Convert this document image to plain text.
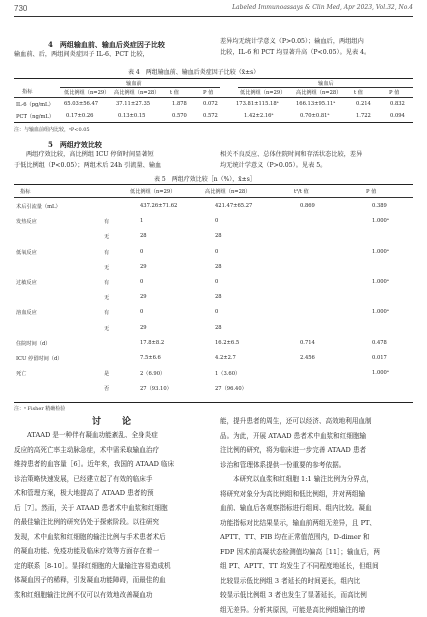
730	Labeled Immunoassays & Clin Med, Apr 2023, Vol.32, No.4
4　两组输血前、输血后炎症因子比较

输血前、后，两组间炎症因子 IL-6、PCT 比较，

差异均无统计学意义（P>0.05）；输血后，两组组内

比较，IL-6 和 PCT 均显著升高（P<0.05）。见表 4。

表 4　两组输血前、输血后炎症因子比较（x̄±s）
输血前	输血后
指标	低比例组（n=29） 高比例组（n=28） t 值	P 值	低比例组（n=29） 高比例组（n=28） t 值	P 值
IL-6（pg/mL） 65.03±56.47	37.11±27.35	1.878	0.072	173.81±115.18ᵃ	166.13±95.11ᵃ	0.214	0.832
PCT（ng/mL） 0.17±0.26	0.13±0.15	0.570	0.572	1.42±2.16ᵃ	0.70±0.81ᵃ	1.722	0.094
注：与输血前组内比较，ᵃP<0.05
5　两组疗效比较

两组疗效比较，高比例组 ICU 停留时间显著短

于低比例组（P<0.05）；两组术后 24h 引流量、输血

相关不良反应、总体住院时间和存活状态比较，差异

均无统计学意义（P>0.05）。见表 5。

表 5　两组疗效比较［n（%），x̄±s］
指标	低比例组（n=29）	高比例组（n=28）	t²/t 值	P 值
术后引流量（mL）	437.26±71.62	421.47±65.27	0.869	0.389
发热反应	有	1	0	1.000ᵃ
无	28	28
低氧反应	有	0	0	1.000ᵃ
无	29	28
过敏反应	有	0	0	1.000ᵃ
无	29	28
溶血反应	有	0	0	1.000ᵃ
无	29	28
住院时间（d）	17.8±8.2	16.2±6.5	0.714	0.478
ICU 停留时间（d）	7.5±6.6	4.2±2.7	2.456	0.017
死亡	是	2（6.90）	1（3.60）	1.000ᵃ
否	27（93.10）	27（96.40）
注：ᵃ Fisher 精确检验
讨　论

ATAAD 是一种伴有凝血功能紊乱、全身炎症

反应的高死亡率主动脉急症，术中需采取输血治疗

维持患者的血容量［6］。近年来，我国的 ATAAD 临床

诊治策略快速发展，已经建立起了有效的临床手

术和管理方案，极大地提高了 ATAAD 患者的预

后［7］。然而，关于 ATAAD 患者术中血浆和红细胞

的最佳输注比例的研究仍处于探索阶段。以往研究

发现，术中血浆和红细胞的输注比例与手术患者术后

的凝血功能、免疫功能及临床疗效等方面存在着一

定的联系［8-10］。显择红细胞的大量输注容易造成机

体凝血因子的稀释，引发凝血功能障碍，而最佳的血

浆和红细胞输注比例不仅可以有效地改善凝血功

能，提升患者的周生，还可以经济、高效地利用血制

品。为此，开展 ATAAD 患者术中血浆和红细胞输

注比例的研究，将为临床进一步完善 ATAAD 患者

诊治和管理体系提供一份重要的参考依据。

本研究以血浆和红细胞 1:1 输注比例为分界点，

将研究对象分为高比例组和低比例组，并对两组输

血前、输血后各观察指标进行组间、组内比较。凝血

功能指标对比结果显示，输血前两组无差异，且 PT、

APTT、TT、FIB 均在正常值范围内，D-dimer 和

FDP 因术前高凝状态检测值均偏高［11］；输血后，两

组 PT、APTT、TT 均发生了不同程度地延长，但组间

比较显示低比例组 3 者延长的时间更长，组内比

较显示低比例组 3 者也发生了显著延长，而高比例

组无差异。分析其原因，可能是高比例组输注的增
